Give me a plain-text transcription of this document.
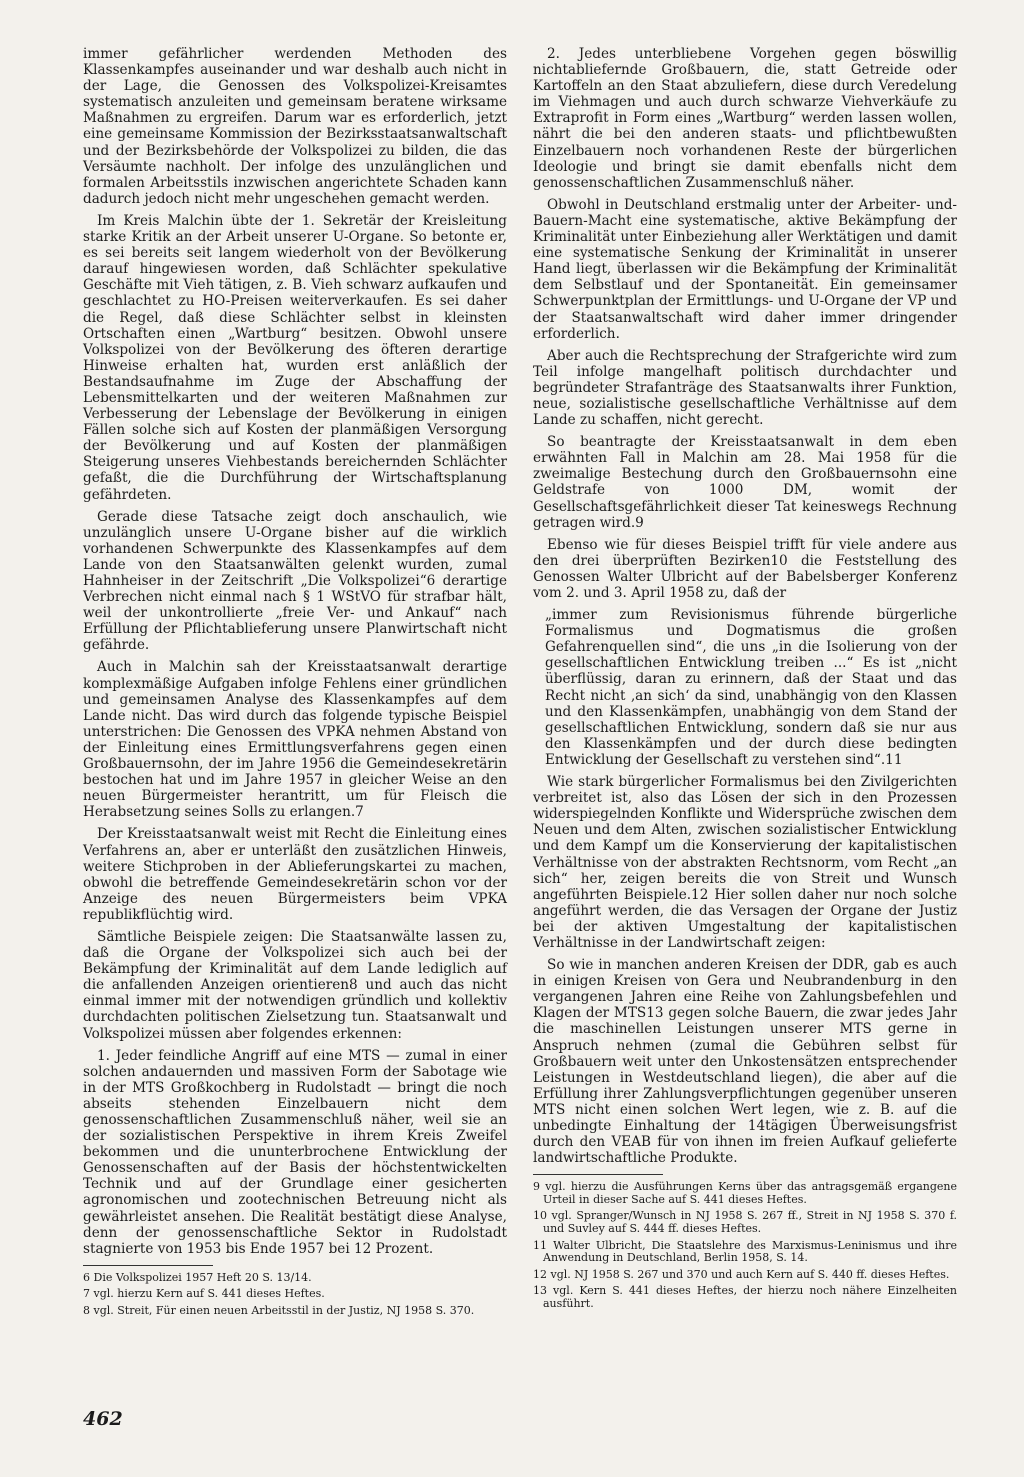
immer gefährlicher werdenden Methoden des Klassenkampfes auseinander und war deshalb auch nicht in der Lage, die Genossen des Volkspolizei-Kreisamtes systematisch anzuleiten und gemeinsam beratene wirksame Maßnahmen zu ergreifen. Darum war es erforderlich, jetzt eine gemeinsame Kommission der Bezirksstaatsanwaltschaft und der Bezirksbehörde der Volkspolizei zu bilden, die das Versäumte nachholt. Der infolge des unzulänglichen und formalen Arbeitsstils inzwischen angerichtete Schaden kann dadurch jedoch nicht mehr ungeschehen gemacht werden.

Im Kreis Malchin übte der 1. Sekretär der Kreisleitung starke Kritik an der Arbeit unserer U-Organe. So betonte er, es sei bereits seit langem wiederholt von der Bevölkerung darauf hingewiesen worden, daß Schlächter spekulative Geschäfte mit Vieh tätigen, z. B. Vieh schwarz aufkaufen und geschlachtet zu HO-Preisen weiterverkaufen. Es sei daher die Regel, daß diese Schlächter selbst in kleinsten Ortschaften einen „Wartburg“ besitzen. Obwohl unsere Volkspolizei von der Bevölkerung des öfteren derartige Hinweise erhalten hat, wurden erst anläßlich der Bestandsaufnahme im Zuge der Abschaffung der Lebensmittelkarten und der weiteren Maßnahmen zur Verbesserung der Lebenslage der Bevölkerung in einigen Fällen solche sich auf Kosten der planmäßigen Versorgung der Bevölkerung und auf Kosten der planmäßigen Steigerung unseres Viehbestands bereichernden Schlächter gefaßt, die die Durchführung der Wirtschaftsplanung gefährdeten.

Gerade diese Tatsache zeigt doch anschaulich, wie unzulänglich unsere U-Organe bisher auf die wirklich vorhandenen Schwerpunkte des Klassenkampfes auf dem Lande von den Staatsanwälten gelenkt wurden, zumal Hahnheiser in der Zeitschrift „Die Volkspolizei“6 derartige Verbrechen nicht einmal nach § 1 WStVO für strafbar hält, weil der unkontrollierte „freie Ver- und Ankauf“ nach Erfüllung der Pflichtablieferung unsere Planwirtschaft nicht gefährde.

Auch in Malchin sah der Kreisstaatsanwalt derartige komplexmäßige Aufgaben infolge Fehlens einer gründlichen und gemeinsamen Analyse des Klassenkampfes auf dem Lande nicht. Das wird durch das folgende typische Beispiel unterstrichen: Die Genossen des VPKA nehmen Abstand von der Einleitung eines Ermittlungsverfahrens gegen einen Großbauernsohn, der im Jahre 1956 die Gemeindesekretärin bestochen hat und im Jahre 1957 in gleicher Weise an den neuen Bürgermeister herantritt, um für Fleisch die Herabsetzung seines Solls zu erlangen.7

Der Kreisstaatsanwalt weist mit Recht die Einleitung eines Verfahrens an, aber er unterläßt den zusätzlichen Hinweis, weitere Stichproben in der Ablieferungskartei zu machen, obwohl die betreffende Gemeindesekretärin schon vor der Anzeige des neuen Bürgermeisters beim VPKA republikflüchtig wird.

Sämtliche Beispiele zeigen: Die Staatsanwälte lassen zu, daß die Organe der Volkspolizei sich auch bei der Bekämpfung der Kriminalität auf dem Lande lediglich auf die anfallenden Anzeigen orientieren8 und auch das nicht einmal immer mit der notwendigen gründlich und kollektiv durchdachten politischen Zielsetzung tun. Staatsanwalt und Volkspolizei müssen aber folgendes erkennen:

1. Jeder feindliche Angriff auf eine MTS — zumal in einer solchen andauernden und massiven Form der Sabotage wie in der MTS Großkochberg in Rudolstadt — bringt die noch abseits stehenden Einzelbauern nicht dem genossenschaftlichen Zusammenschluß näher, weil sie an der sozialistischen Perspektive in ihrem Kreis Zweifel bekommen und die ununterbrochene Entwicklung der Genossenschaften auf der Basis der höchstentwickelten Technik und auf der Grundlage einer gesicherten agronomischen und zootechnischen Betreuung nicht als gewährleistet ansehen. Die Realität bestätigt diese Analyse, denn der genossenschaftliche Sektor in Rudolstadt stagnierte von 1953 bis Ende 1957 bei 12 Prozent.

6 Die Volkspolizei 1957 Heft 20 S. 13/14.

7 vgl. hierzu Kern auf S. 441 dieses Heftes.

8 vgl. Streit, Für einen neuen Arbeitsstil in der Justiz, NJ 1958 S. 370.

2. Jedes unterbliebene Vorgehen gegen böswillig nichtabliefernde Großbauern, die, statt Getreide oder Kartoffeln an den Staat abzuliefern, diese durch Veredelung im Viehmagen und auch durch schwarze Viehverkäufe zu Extraprofit in Form eines „Wartburg“ werden lassen wollen, nährt die bei den anderen staats- und pflichtbewußten Einzelbauern noch vorhandenen Reste der bürgerlichen Ideologie und bringt sie damit ebenfalls nicht dem genossenschaftlichen Zusammenschluß näher.

Obwohl in Deutschland erstmalig unter der Arbeiter- und-Bauern-Macht eine systematische, aktive Bekämpfung der Kriminalität unter Einbeziehung aller Werktätigen und damit eine systematische Senkung der Kriminalität in unserer Hand liegt, überlassen wir die Bekämpfung der Kriminalität dem Selbstlauf und der Spontaneität. Ein gemeinsamer Schwerpunktplan der Ermittlungs- und U-Organe der VP und der Staatsanwaltschaft wird daher immer dringender erforderlich.

Aber auch die Rechtsprechung der Strafgerichte wird zum Teil infolge mangelhaft politisch durchdachter und begründeter Strafanträge des Staatsanwalts ihrer Funktion, neue, sozialistische gesellschaftliche Verhältnisse auf dem Lande zu schaffen, nicht gerecht.

So beantragte der Kreisstaatsanwalt in dem eben erwähnten Fall in Malchin am 28. Mai 1958 für die zweimalige Bestechung durch den Großbauernsohn eine Geldstrafe von 1000 DM, womit der Gesellschaftsgefährlichkeit dieser Tat keineswegs Rechnung getragen wird.9

Ebenso wie für dieses Beispiel trifft für viele andere aus den drei überprüften Bezirken10 die Feststellung des Genossen Walter Ulbricht auf der Babelsberger Konferenz vom 2. und 3. April 1958 zu, daß der

„immer zum Revisionismus führende bürgerliche Formalismus und Dogmatismus die großen Gefahrenquellen sind“, die uns „in die Isolierung von der gesellschaftlichen Entwicklung treiben ...“ Es ist „nicht überflüssig, daran zu erinnern, daß der Staat und das Recht nicht ‚an sich‘ da sind, unabhängig von den Klassen und den Klassenkämpfen, unabhängig von dem Stand der gesellschaftlichen Entwicklung, sondern daß sie nur aus den Klassenkämpfen und der durch diese bedingten Entwicklung der Gesellschaft zu verstehen sind“.11

Wie stark bürgerlicher Formalismus bei den Zivilgerichten verbreitet ist, also das Lösen der sich in den Prozessen widerspiegelnden Konflikte und Widersprüche zwischen dem Neuen und dem Alten, zwischen sozialistischer Entwicklung und dem Kampf um die Konservierung der kapitalistischen Verhältnisse von der abstrakten Rechtsnorm, vom Recht „an sich“ her, zeigen bereits die von Streit und Wunsch angeführten Beispiele.12 Hier sollen daher nur noch solche angeführt werden, die das Versagen der Organe der Justiz bei der aktiven Umgestaltung der kapitalistischen Verhältnisse in der Landwirtschaft zeigen:

So wie in manchen anderen Kreisen der DDR, gab es auch in einigen Kreisen von Gera und Neubrandenburg in den vergangenen Jahren eine Reihe von Zahlungsbefehlen und Klagen der MTS13 gegen solche Bauern, die zwar jedes Jahr die maschinellen Leistungen unserer MTS gerne in Anspruch nehmen (zumal die Gebühren selbst für Großbauern weit unter den Unkostensätzen entsprechender Leistungen in Westdeutschland liegen), die aber auf die Erfüllung ihrer Zahlungsverpflichtungen gegenüber unseren MTS nicht einen solchen Wert legen, wie z. B. auf die unbedingte Einhaltung der 14tägigen Überweisungsfrist durch den VEAB für von ihnen im freien Aufkauf gelieferte landwirtschaftliche Produkte.

9 vgl. hierzu die Ausführungen Kerns über das antragsgemäß ergangene Urteil in dieser Sache auf S. 441 dieses Heftes.

10 vgl. Spranger/Wunsch in NJ 1958 S. 267 ff., Streit in NJ 1958 S. 370 f. und Suvley auf S. 444 ff. dieses Heftes.

11 Walter Ulbricht, Die Staatslehre des Marxismus-Leninismus und ihre Anwendung in Deutschland, Berlin 1958, S. 14.

12 vgl. NJ 1958 S. 267 und 370 und auch Kern auf S. 440 ff. dieses Heftes.

13 vgl. Kern S. 441 dieses Heftes, der hierzu noch nähere Einzelheiten ausführt.

462
